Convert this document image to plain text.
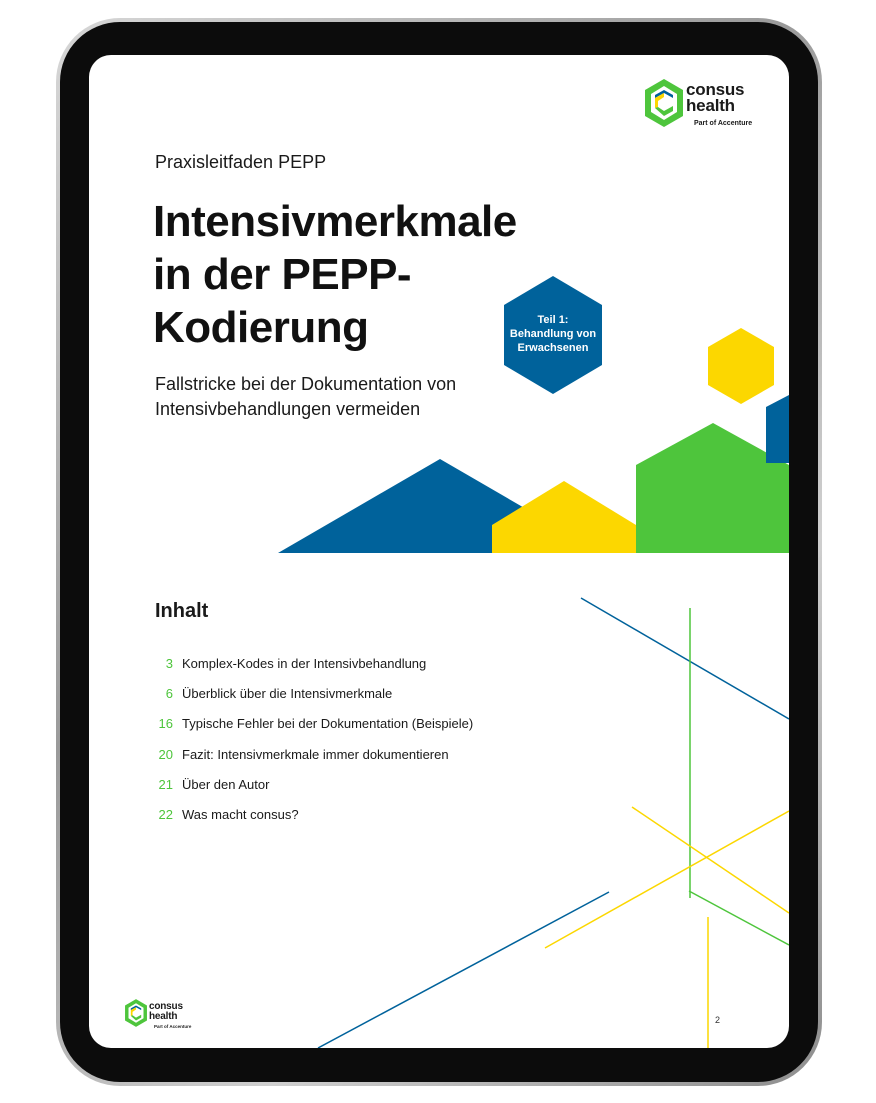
consus
health
Part of Accenture
Praxisleitfaden PEPP
Intensivmerkmale
in der PEPP-
Kodierung
Fallstricke bei der Dokumentation von
Intensivbehandlungen vermeiden
Teil 1:
Behandlung von
Erwachsenen
Inhalt
3 Komplex-Kodes in der Intensivbehandlung
6 Überblick über die Intensivmerkmale
16 Typische Fehler bei der Dokumentation (Beispiele)
20 Fazit: Intensivmerkmale immer dokumentieren
21 Über den Autor
22 Was macht consus?
consus
health
Part of Accenture
2
